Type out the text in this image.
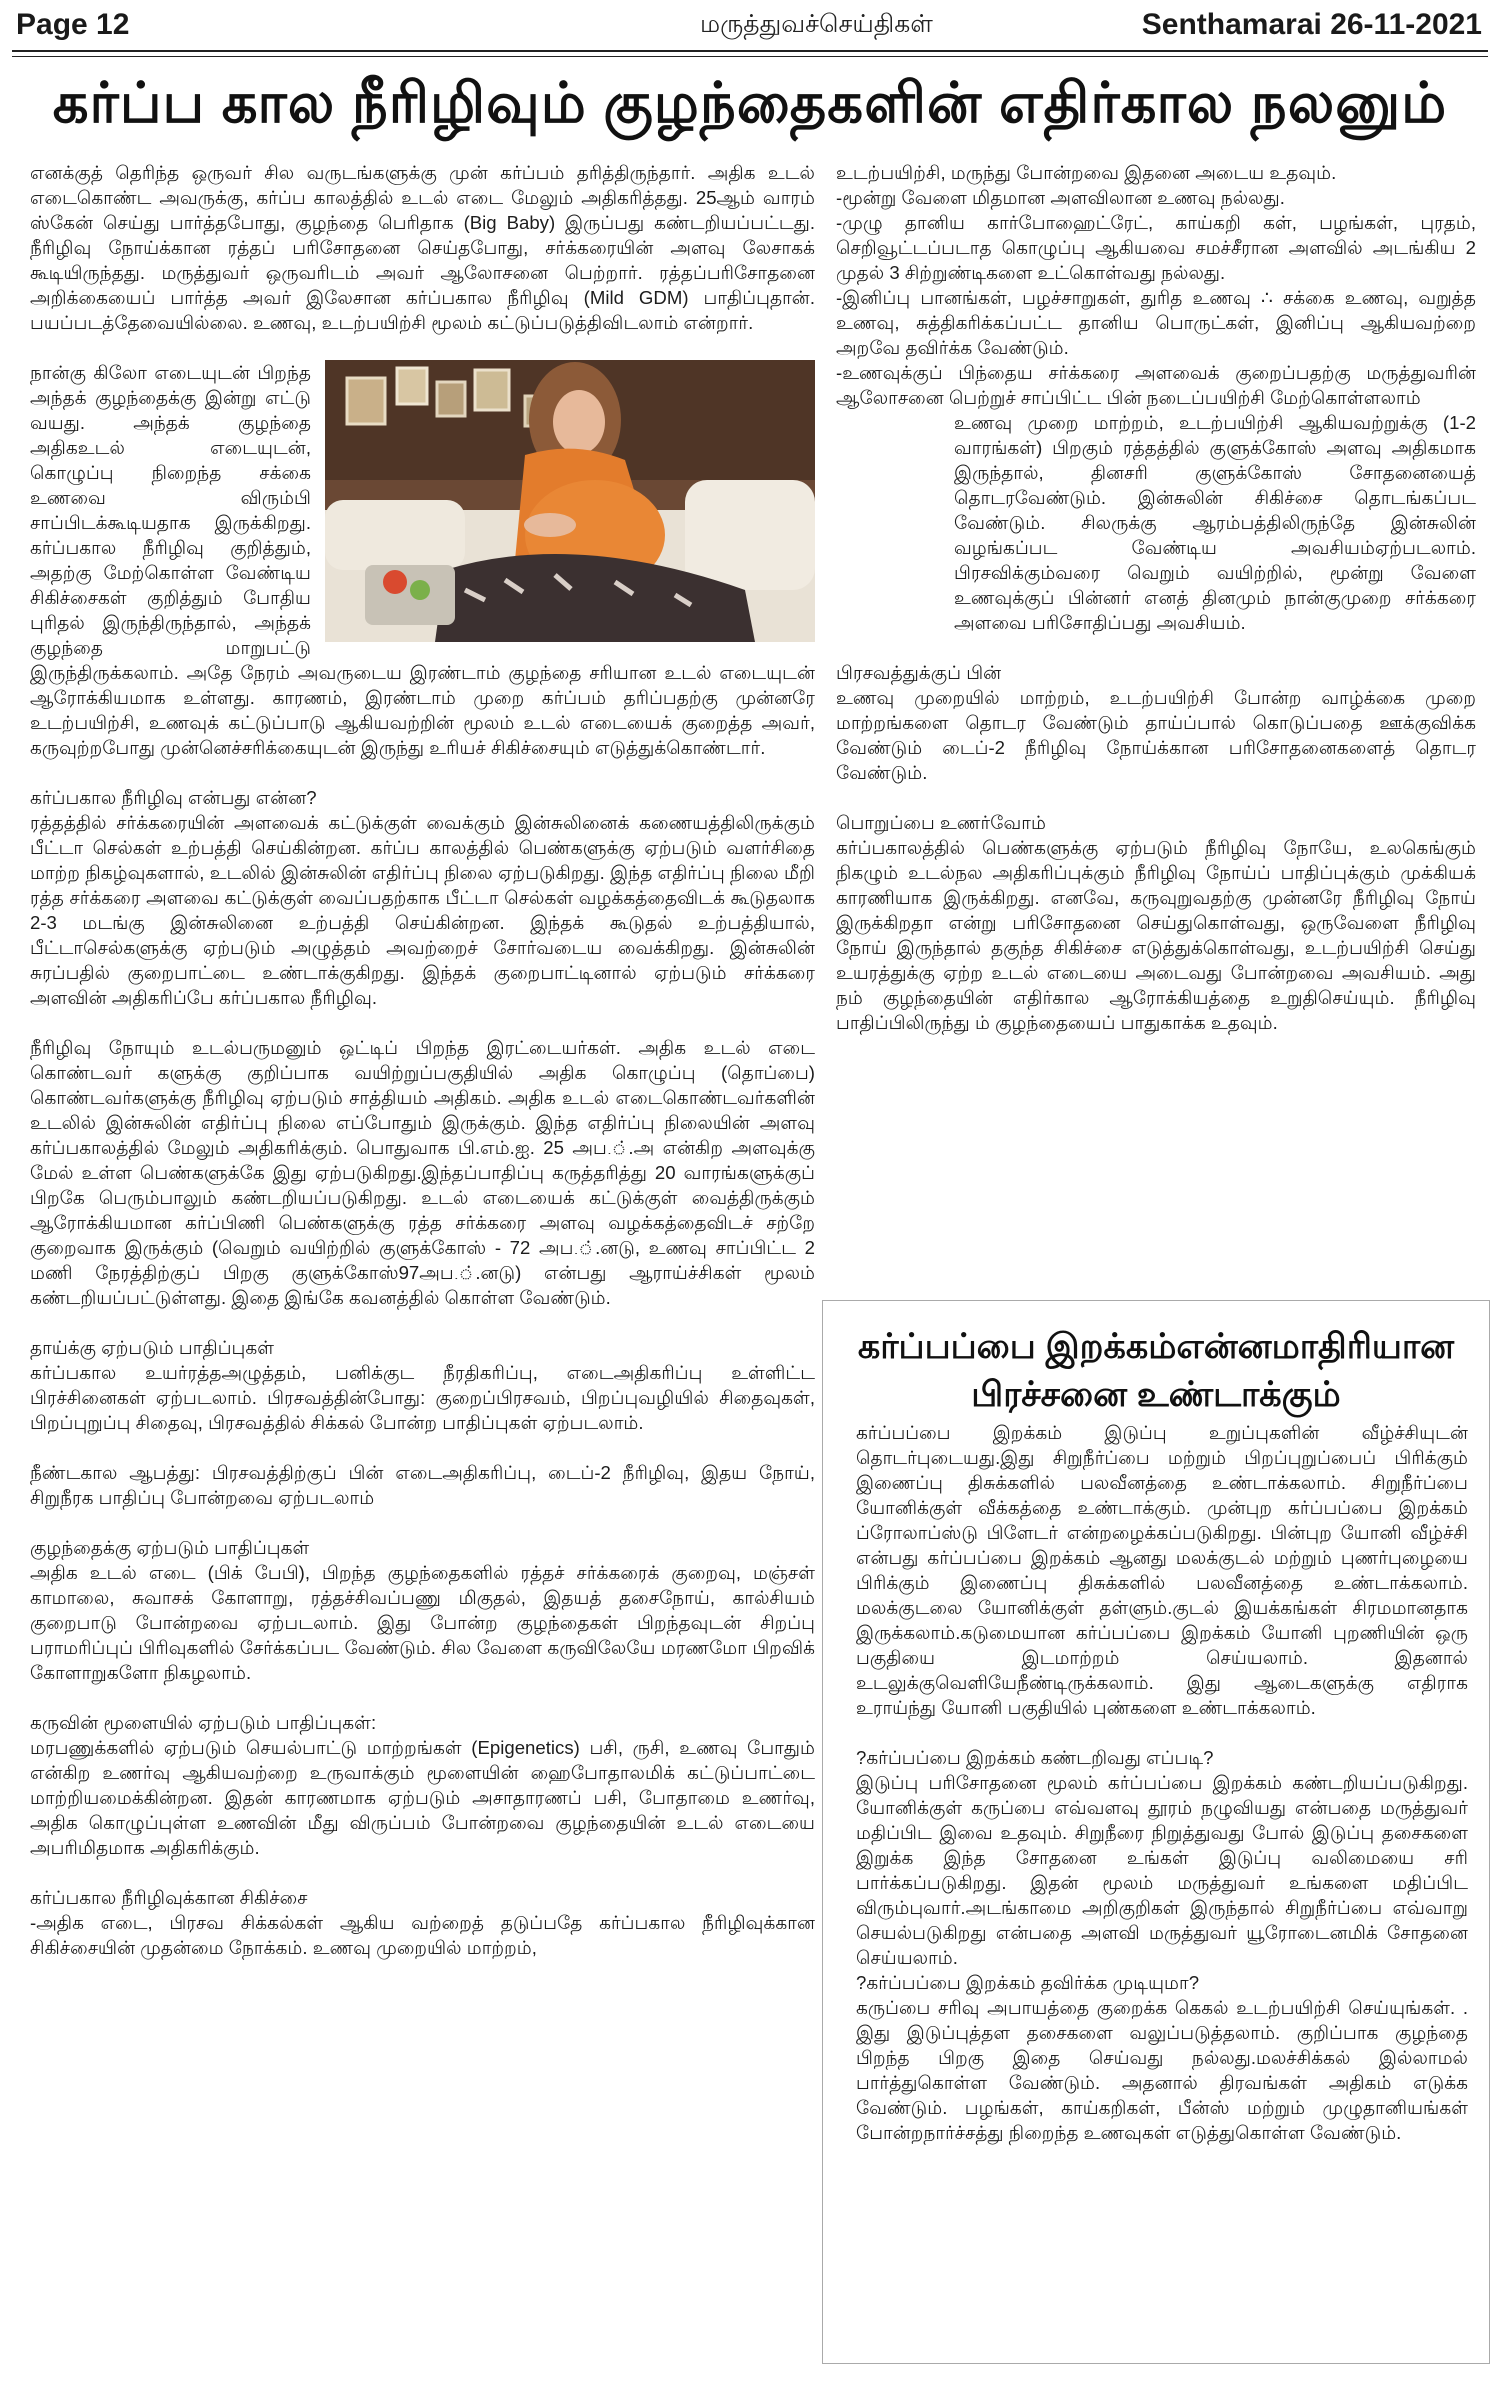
Page 12	மருத்துவச்செய்திகள்	Senthamarai 26-11-2021
கர்ப்ப கால நீரிழிவும் குழந்தைகளின் எதிர்கால நலனும்

எனக்குத் தெரிந்த ஒருவர் சில வருடங்களுக்கு முன் கர்ப்பம் தரித்திருந்தார். அதிக உடல் எடைகொண்ட அவருக்கு, கர்ப்ப காலத்தில் உடல் எடை மேலும் அதிகரித்தது. 25ஆம் வாரம் ஸ்கேன் செய்து பார்த்தபோது, குழந்தை பெரிதாக (Big Baby) இருப்பது கண்டறியப்பட்டது. நீரிழிவு நோய்க்கான ரத்தப் பரிசோதனை செய்தபோது, சர்க்கரையின் அளவு லேசாகக் கூடியிருந்தது. மருத்துவர் ஒருவரிடம் அவர் ஆலோசனை பெற்றார். ரத்தப்பரிசோதனை அறிக்கையைப் பார்த்த அவர் இலேசான கர்ப்பகால நீரிழிவு (Mild GDM) பாதிப்புதான். பயப்படத்தேவையில்லை. உணவு, உடற்பயிற்சி மூலம் கட்டுப்படுத்திவிடலாம் என்றார்.

நான்கு கிலோ எடையுடன் பிறந்த அந்தக் குழந்தைக்கு இன்று எட்டு வயது. அந்தக் குழந்தை அதிகஉடல் எடையுடன், கொழுப்பு நிறைந்த சக்கை உணவை விரும்பி சாப்பிடக்கூடியதாக இருக்கிறது. கர்ப்பகால நீரிழிவு குறித்தும், அதற்கு மேற்கொள்ள வேண்டிய சிகிச்சைகள் குறித்தும் போதிய புரிதல் இருந்திருந்தால், அந்தக் குழந்தை மாறுபட்டு இருந்திருக்கலாம். அதே நேரம் அவருடைய இரண்டாம் குழந்தை சரியான உடல் எடையுடன் ஆரோக்கியமாக உள்ளது. காரணம், இரண்டாம் முறை கர்ப்பம் தரிப்பதற்கு முன்னரே உடற்பயிற்சி, உணவுக் கட்டுப்பாடு ஆகியவற்றின் மூலம் உடல் எடையைக் குறைத்த அவர், கருவுற்றபோது முன்னெச்சரிக்கையுடன் இருந்து உரியச் சிகிச்சையும் எடுத்துக்கொண்டார்.

கர்ப்பகால நீரிழிவு என்பது என்ன?
ரத்தத்தில் சர்க்கரையின் அளவைக் கட்டுக்குள் வைக்கும் இன்சுலினைக் கணையத்திலிருக்கும் பீட்டா செல்கள் உற்பத்தி செய்கின்றன. கர்ப்ப காலத்தில் பெண்களுக்கு ஏற்படும் வளர்சிதை மாற்ற நிகழ்வுகளால், உடலில் இன்சுலின் எதிர்ப்பு நிலை ஏற்படுகிறது. இந்த எதிர்ப்பு நிலை மீறி ரத்த சர்க்கரை அளவை கட்டுக்குள் வைப்பதற்காக பீட்டா செல்கள் வழக்கத்தைவிடக் கூடுதலாக 2-3 மடங்கு இன்சுலினை உற்பத்தி செய்கின்றன. இந்தக் கூடுதல் உற்பத்தியால், பீட்டாசெல்களுக்கு ஏற்படும் அழுத்தம் அவற்றைச் சோர்வடைய வைக்கிறது. இன்சுலின் சுரப்பதில் குறைபாட்டை உண்டாக்குகிறது. இந்தக் குறைபாட்டினால் ஏற்படும் சர்க்கரை அளவின் அதிகரிப்பே கர்ப்பகால நீரிழிவு.

நீரிழிவு நோயும் உடல்பருமனும் ஒட்டிப் பிறந்த இரட்டையர்கள். அதிக உடல் எடை கொண்டவர் களுக்கு குறிப்பாக வயிற்றுப்பகுதியில் அதிக கொழுப்பு (தொப்பை) கொண்டவர்களுக்கு நீரிழிவு ஏற்படும் சாத்தியம் அதிகம். அதிக உடல் எடைகொண்டவர்களின் உடலில் இன்சுலின் எதிர்ப்பு நிலை எப்போதும் இருக்கும். இந்த எதிர்ப்பு நிலையின் அளவு கர்ப்பகாலத்தில் மேலும் அதிகரிக்கும். பொதுவாக பி.எம்.ஐ. 25 அப.்.அ என்கிற அளவுக்கு மேல் உள்ள பெண்களுக்கே இது ஏற்படுகிறது.இந்தப்பாதிப்பு கருத்தரித்து 20 வாரங்களுக்குப் பிறகே பெரும்பாலும் கண்டறியப்படுகிறது. உடல் எடையைக் கட்டுக்குள் வைத்திருக்கும் ஆரோக்கியமான கர்ப்பிணி பெண்களுக்கு ரத்த சர்க்கரை அளவு வழக்கத்தைவிடச் சற்றே குறைவாக இருக்கும் (வெறும் வயிற்றில் குளுக்கோஸ் - 72 அப.்.னடு, உணவு சாப்பிட்ட 2 மணி நேரத்திற்குப் பிறகு குளுக்கோஸ்97அப.்.னடு) என்பது ஆராய்ச்சிகள் மூலம் கண்டறியப்பட்டுள்ளது. இதை இங்கே கவனத்தில் கொள்ள வேண்டும்.

தாய்க்கு ஏற்படும் பாதிப்புகள்
கர்ப்பகால உயர்ரத்தஅழுத்தம், பனிக்குட நீரதிகரிப்பு, எடைஅதிகரிப்பு உள்ளிட்ட பிரச்சினைகள் ஏற்படலாம். பிரசவத்தின்போது: குறைப்பிரசவம், பிறப்புவழியில் சிதைவுகள், பிறப்புறுப்பு சிதைவு, பிரசவத்தில் சிக்கல் போன்ற பாதிப்புகள் ஏற்படலாம்.

நீண்டகால ஆபத்து: பிரசவத்திற்குப் பின் எடைஅதிகரிப்பு, டைப்-2 நீரிழிவு, இதய நோய், சிறுநீரக பாதிப்பு போன்றவை ஏற்படலாம்

குழந்தைக்கு ஏற்படும் பாதிப்புகள்
அதிக உடல் எடை (பிக் பேபி), பிறந்த குழந்தைகளில் ரத்தச் சர்க்கரைக் குறைவு, மஞ்சள் காமாலை, சுவாசக் கோளாறு, ரத்தச்சிவப்பணு மிகுதல், இதயத் தசைநோய், கால்சியம் குறைபாடு போன்றவை ஏற்படலாம். இது போன்ற குழந்தைகள் பிறந்தவுடன் சிறப்பு பராமரிப்புப் பிரிவுகளில் சேர்க்கப்பட வேண்டும். சில வேளை கருவிலேயே மரணமோ பிறவிக் கோளாறுகளோ நிகழலாம்.

கருவின் மூளையில் ஏற்படும் பாதிப்புகள்:
மரபணுக்களில் ஏற்படும் செயல்பாட்டு மாற்றங்கள் (Epigenetics) பசி, ருசி, உணவு போதும் என்கிற உணர்வு ஆகியவற்றை உருவாக்கும் மூளையின் ஹைபோதாலமிக் கட்டுப்பாட்டை மாற்றியமைக்கின்றன. இதன் காரணமாக ஏற்படும் அசாதாரணப் பசி, போதாமை உணர்வு, அதிக கொழுப்புள்ள உணவின் மீது விருப்பம் போன்றவை குழந்தையின் உடல் எடையை அபரிமிதமாக அதிகரிக்கும்.

கர்ப்பகால நீரிழிவுக்கான சிகிச்சை
-அதிக எடை, பிரசவ சிக்கல்கள் ஆகிய வற்றைத் தடுப்பதே கர்ப்பகால நீரிழிவுக்கான சிகிச்சையின் முதன்மை நோக்கம். உணவு முறையில் மாற்றம்,

உடற்பயிற்சி, மருந்து போன்றவை இதனை அடைய உதவும்.

-மூன்று வேளை மிதமான அளவிலான உணவு நல்லது.

-முழு தானிய கார்போஹைட்ரேட், காய்கறி கள், பழங்கள், புரதம், செறிவூட்டப்படாத கொழுப்பு ஆகியவை சமச்சீரான அளவில் அடங்கிய 2 முதல் 3 சிற்றுண்டிகளை உட்கொள்வது நல்லது.

-இனிப்பு பானங்கள், பழச்சாறுகள், துரித உணவு ∴ சக்கை உணவு, வறுத்த உணவு, சுத்திகரிக்கப்பட்ட தானிய பொருட்கள், இனிப்பு ஆகியவற்றை அறவே தவிர்க்க வேண்டும்.

-உணவுக்குப் பிந்தைய சர்க்கரை அளவைக் குறைப்பதற்கு மருத்துவரின் ஆலோசனை பெற்றுச் சாப்பிட்ட பின் நடைப்பயிற்சி மேற்கொள்ளலாம்

உணவு முறை மாற்றம், உடற்பயிற்சி ஆகியவற்றுக்கு (1-2 வாரங்கள்) பிறகும் ரத்தத்தில் குளுக்கோஸ் அளவு அதிகமாக இருந்தால், தினசரி குளுக்கோஸ் சோதனையைத் தொடரவேண்டும். இன்சுலின் சிகிச்சை தொடங்கப்பட வேண்டும். சிலருக்கு ஆரம்பத்திலிருந்தே இன்சுலின் வழங்கப்பட வேண்டிய அவசியம்ஏற்படலாம். பிரசவிக்கும்வரை வெறும் வயிற்றில், மூன்று வேளை உணவுக்குப் பின்னர் எனத் தினமும் நான்குமுறை சர்க்கரை அளவை பரிசோதிப்பது அவசியம்.

பிரசவத்துக்குப் பின்
உணவு முறையில் மாற்றம், உடற்பயிற்சி போன்ற வாழ்க்கை முறை மாற்றங்களை தொடர வேண்டும் தாய்ப்பால் கொடுப்பதை ஊக்குவிக்க வேண்டும் டைப்-2 நீரிழிவு நோய்க்கான பரிசோதனைகளைத் தொடர வேண்டும்.

பொறுப்பை உணர்வோம்
கர்ப்பகாலத்தில் பெண்களுக்கு ஏற்படும் நீரிழிவு நோயே, உலகெங்கும் நிகழும் உடல்நல அதிகரிப்புக்கும் நீரிழிவு நோய்ப் பாதிப்புக்கும் முக்கியக் காரணியாக இருக்கிறது. எனவே, கருவுறுவதற்கு முன்னரே நீரிழிவு நோய் இருக்கிறதா என்று பரிசோதனை செய்துகொள்வது, ஒருவேளை நீரிழிவு நோய் இருந்தால் தகுந்த சிகிச்சை எடுத்துக்கொள்வது, உடற்பயிற்சி செய்து உயரத்துக்கு ஏற்ற உடல் எடையை அடைவது போன்றவை அவசியம். அது நம் குழந்தையின் எதிர்கால ஆரோக்கியத்தை உறுதிசெய்யும். நீரிழிவு பாதிப்பிலிருந்து ம் குழந்தையைப் பாதுகாக்க உதவும்.

கர்ப்பப்பை இறக்கம்என்னமாதிரியான
பிரச்சனை உண்டாக்கும்

கர்ப்பப்பை இறக்கம் இடுப்பு உறுப்புகளின் வீழ்ச்சியுடன் தொடர்புடையது.இது சிறுநீர்ப்பை மற்றும் பிறப்புறுப்பைப் பிரிக்கும் இணைப்பு திசுக்களில் பலவீனத்தை உண்டாக்கலாம். சிறுநீர்ப்பை யோனிக்குள் வீக்கத்தை உண்டாக்கும். முன்புற கர்ப்பப்பை இறக்கம் ப்ரோலாப்ஸ்டு பிளேடர் என்றழைக்கப்படுகிறது. பின்புற யோனி வீழ்ச்சி என்பது கர்ப்பப்பை இறக்கம் ஆனது மலக்குடல் மற்றும் புணர்புழையை பிரிக்கும் இணைப்பு திசுக்களில் பலவீனத்தை உண்டாக்கலாம். மலக்குடலை யோனிக்குள் தள்ளும்.குடல் இயக்கங்கள் சிரமமானதாக இருக்கலாம்.கடுமையான கர்ப்பப்பை இறக்கம் யோனி புறணியின் ஒரு பகுதியை இடமாற்றம் செய்யலாம். இதனால் உடலுக்குவெளியேநீண்டிருக்கலாம். இது ஆடைகளுக்கு எதிராக உராய்ந்து யோனி பகுதியில் புண்களை உண்டாக்கலாம்.

?கர்ப்பப்பை இறக்கம் கண்டறிவது எப்படி?
இடுப்பு பரிசோதனை மூலம் கர்ப்பப்பை இறக்கம் கண்டறியப்படுகிறது. யோனிக்குள் கருப்பை எவ்வளவு தூரம் நழுவியது என்பதை மருத்துவர் மதிப்பிட இவை உதவும். சிறுநீரை நிறுத்துவது போல் இடுப்பு தசைகளை இறுக்க இந்த சோதனை உங்கள் இடுப்பு வலிமையை சரி பார்க்கப்படுகிறது. இதன் மூலம் மருத்துவர் உங்களை மதிப்பிட விரும்புவார்.அடங்காமை அறிகுறிகள் இருந்தால் சிறுநீர்ப்பை எவ்வாறு செயல்படுகிறது என்பதை அளவி மருத்துவர் யூரோடைனமிக் சோதனை செய்யலாம்.

?கர்ப்பப்பை இறக்கம் தவிர்க்க முடியுமா?
கருப்பை சரிவு அபாயத்தை குறைக்க கெகல் உடற்பயிற்சி செய்யுங்கள். . இது இடுப்புத்தள தசைகளை வலுப்படுத்தலாம். குறிப்பாக குழந்தை பிறந்த பிறகு இதை செய்வது நல்லது.மலச்சிக்கல் இல்லாமல் பார்த்துகொள்ள வேண்டும். அதனால் திரவங்கள் அதிகம் எடுக்க வேண்டும். பழங்கள், காய்கறிகள், பீன்ஸ் மற்றும் முழுதானியங்கள் போன்றநார்ச்சத்து நிறைந்த உணவுகள் எடுத்துகொள்ள வேண்டும்.
